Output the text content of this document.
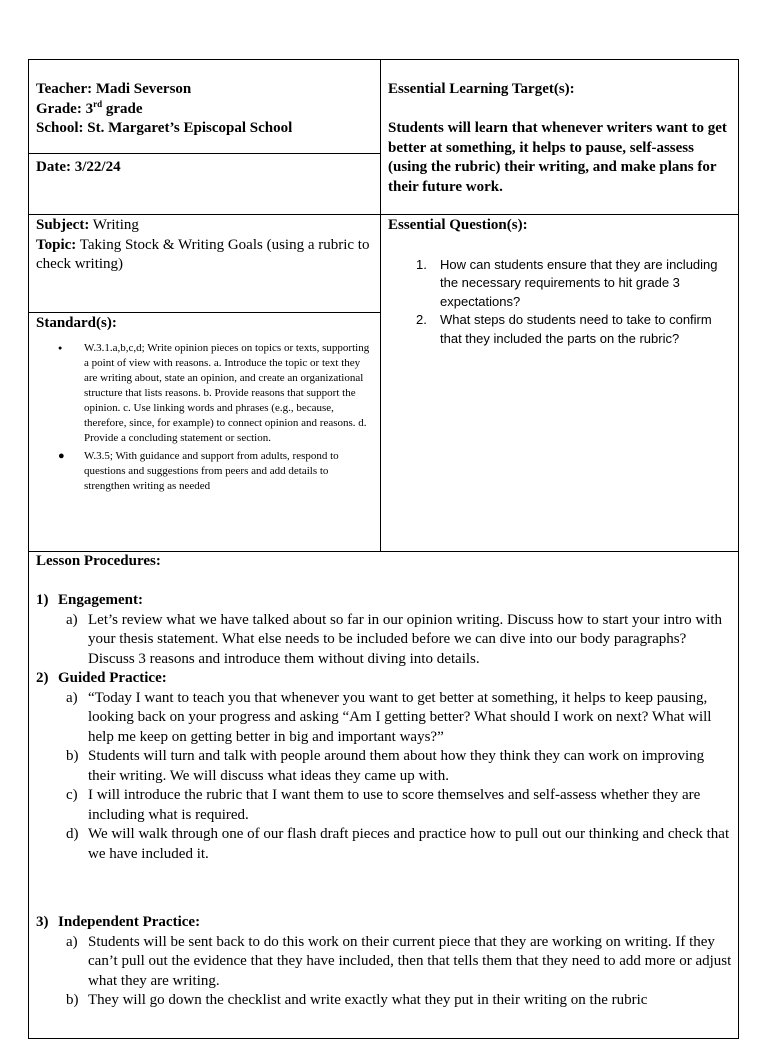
Teacher: Madi Severson
Grade: 3rd grade
School: St. Margaret’s Episcopal School
Date: 3/22/24
Essential Learning Target(s):
Students will learn that whenever writers want to get better at something, it helps to pause, self-assess (using the rubric) their writing, and make plans for their future work.
Subject: Writing
Topic: Taking Stock & Writing Goals (using a rubric to check writing)
Essential Question(s):
1. How can students ensure that they are including the necessary requirements to hit grade 3 expectations?
2. What steps do students need to take to confirm that they included the parts on the rubric?
Standard(s):
● W.3.1.a,b,c,d; Write opinion pieces on topics or texts, supporting a point of view with reasons. a. Introduce the topic or text they are writing about, state an opinion, and create an organizational structure that lists reasons. b. Provide reasons that support the opinion. c. Use linking words and phrases (e.g., because, therefore, since, for example) to connect opinion and reasons. d. Provide a concluding statement or section.
● W.3.5; With guidance and support from adults, respond to questions and suggestions from peers and add details to strengthen writing as needed
Lesson Procedures:
1) Engagement:
a) Let’s review what we have talked about so far in our opinion writing. Discuss how to start your intro with your thesis statement. What else needs to be included before we can dive into our body paragraphs? Discuss 3 reasons and introduce them without diving into details.
2) Guided Practice:
a) “Today I want to teach you that whenever you want to get better at something, it helps to keep pausing, looking back on your progress and asking “Am I getting better? What should I work on next? What will help me keep on getting better in big and important ways?”
b) Students will turn and talk with people around them about how they think they can work on improving their writing. We will discuss what ideas they came up with.
c) I will introduce the rubric that I want them to use to score themselves and self-assess whether they are including what is required.
d) We will walk through one of our flash draft pieces and practice how to pull out our thinking and check that we have included it.
3) Independent Practice:
a) Students will be sent back to do this work on their current piece that they are working on writing. If they can’t pull out the evidence that they have included, then that tells them that they need to add more or adjust what they are writing.
b) They will go down the checklist and write exactly what they put in their writing on the rubric
